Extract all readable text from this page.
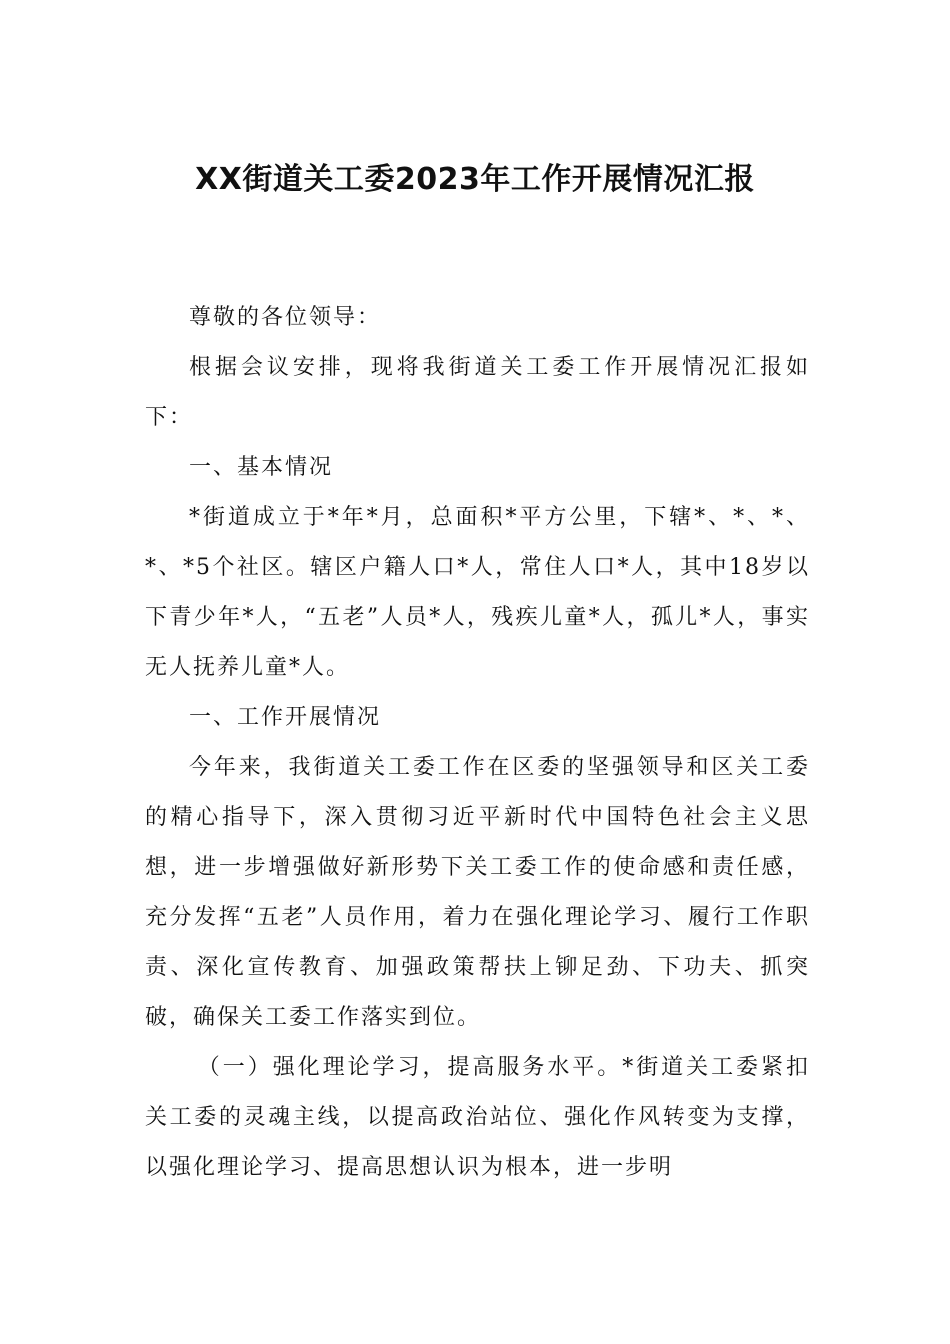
XX街道关工委2023年工作开展情况汇报

尊敬的各位领导：

根据会议安排，现将我街道关工委工作开展情况汇报如下：

一、基本情况

*街道成立于*年*月，总面积*平方公里，下辖*、*、*、*、*5个社区。辖区户籍人口*人，常住人口*人，其中18岁以下青少年*人，“五老”人员*人，残疾儿童*人，孤儿*人，事实无人抚养儿童*人。

一、工作开展情况

今年来，我街道关工委工作在区委的坚强领导和区关工委的精心指导下，深入贯彻习近平新时代中国特色社会主义思想，进一步增强做好新形势下关工委工作的使命感和责任感，充分发挥“五老”人员作用，着力在强化理论学习、履行工作职责、深化宣传教育、加强政策帮扶上铆足劲、下功夫、抓突破，确保关工委工作落实到位。

（一）强化理论学习，提高服务水平。*街道关工委紧扣关工委的灵魂主线，以提高政治站位、强化作风转变为支撑，以强化理论学习、提高思想认识为根本，进一步明
